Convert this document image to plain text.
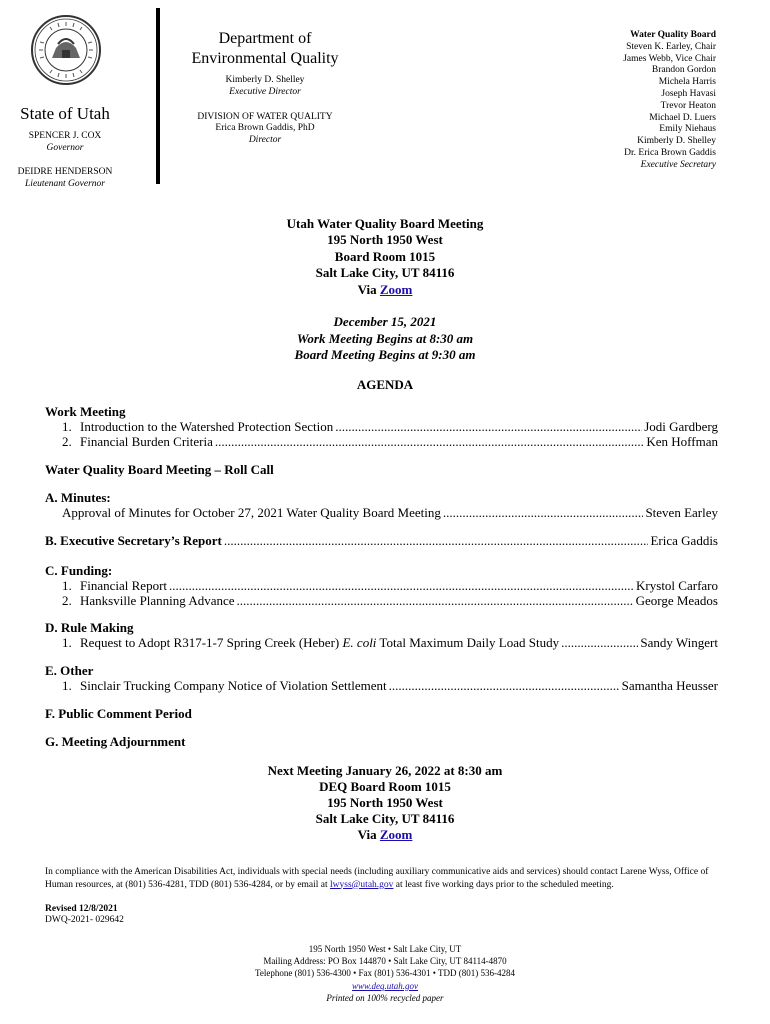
State of Utah
SPENCER J. COX
Governor
DEIDRE HENDERSON
Lieutenant Governor
Department of
Environmental Quality
Kimberly D. Shelley
Executive Director
DIVISION OF WATER QUALITY
Erica Brown Gaddis, PhD
Director
Water Quality Board
Steven K. Earley, Chair
James Webb, Vice Chair
Brandon Gordon
Michela Harris
Joseph Havasi
Trevor Heaton
Michael D. Luers
Emily Niehaus
Kimberly D. Shelley
Dr. Erica Brown Gaddis
Executive Secretary
Utah Water Quality Board Meeting
195 North 1950 West
Board Room 1015
Salt Lake City, UT 84116
Via Zoom
December 15, 2021
Work Meeting Begins at 8:30 am
Board Meeting Begins at 9:30 am
AGENDA
Work Meeting
1. Introduction to the Watershed Protection Section .....	Jodi Gardberg
2. Financial Burden Criteria .....	Ken Hoffman
Water Quality Board Meeting – Roll Call
A. Minutes:
Approval of Minutes for October 27, 2021 Water Quality Board Meeting .....	Steven Earley
B. Executive Secretary’s Report .....	Erica Gaddis
C. Funding:
1. Financial Report .....	Krystol Carfaro
2. Hanksville Planning Advance .....	George Meados
D. Rule Making
1. Request to Adopt R317-1-7 Spring Creek (Heber) E. coli Total Maximum Daily Load Study .....	Sandy Wingert
E. Other
1. Sinclair Trucking Company Notice of Violation Settlement .....	Samantha Heusser
F. Public Comment Period
G. Meeting Adjournment
Next Meeting January 26, 2022 at 8:30 am
DEQ Board Room 1015
195 North 1950 West
Salt Lake City, UT 84116
Via Zoom
In compliance with the American Disabilities Act, individuals with special needs (including auxiliary communicative aids and services) should contact Larene Wyss, Office of Human resources, at (801) 536-4281, TDD (801) 536-4284, or by email at lwyss@utah.gov at least five working days prior to the scheduled meeting.
Revised 12/8/2021
DWQ-2021- 029642
195 North 1950 West • Salt Lake City, UT
Mailing Address: PO Box 144870 • Salt Lake City, UT 84114-4870
Telephone (801) 536-4300 • Fax (801) 536-4301 • TDD (801) 536-4284
www.deq.utah.gov
Printed on 100% recycled paper
